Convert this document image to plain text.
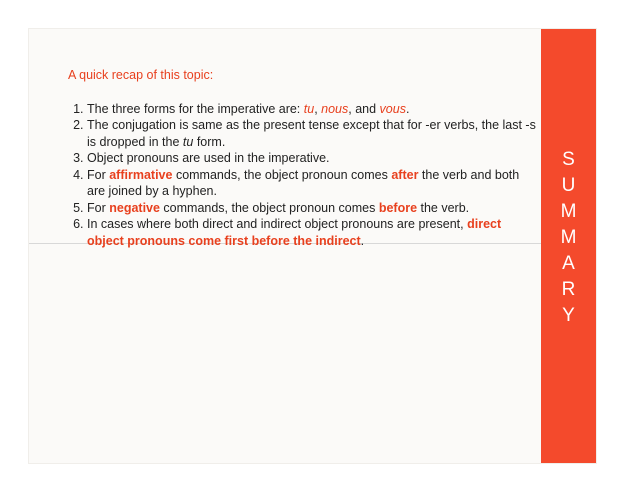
A quick recap of this topic:
1. The three forms for the imperative are: tu, nous, and vous.
2. The conjugation is same as the present tense except that for -er verbs, the last -s is dropped in the tu form.
3. Object pronouns are used in the imperative.
4. For affirmative commands, the object pronoun comes after the verb and both are joined by a hyphen.
5. For negative commands, the object pronoun comes before the verb.
6. In cases where both direct and indirect object pronouns are present, direct object pronouns come first before the indirect.
S
U
M
M
A
R
Y
